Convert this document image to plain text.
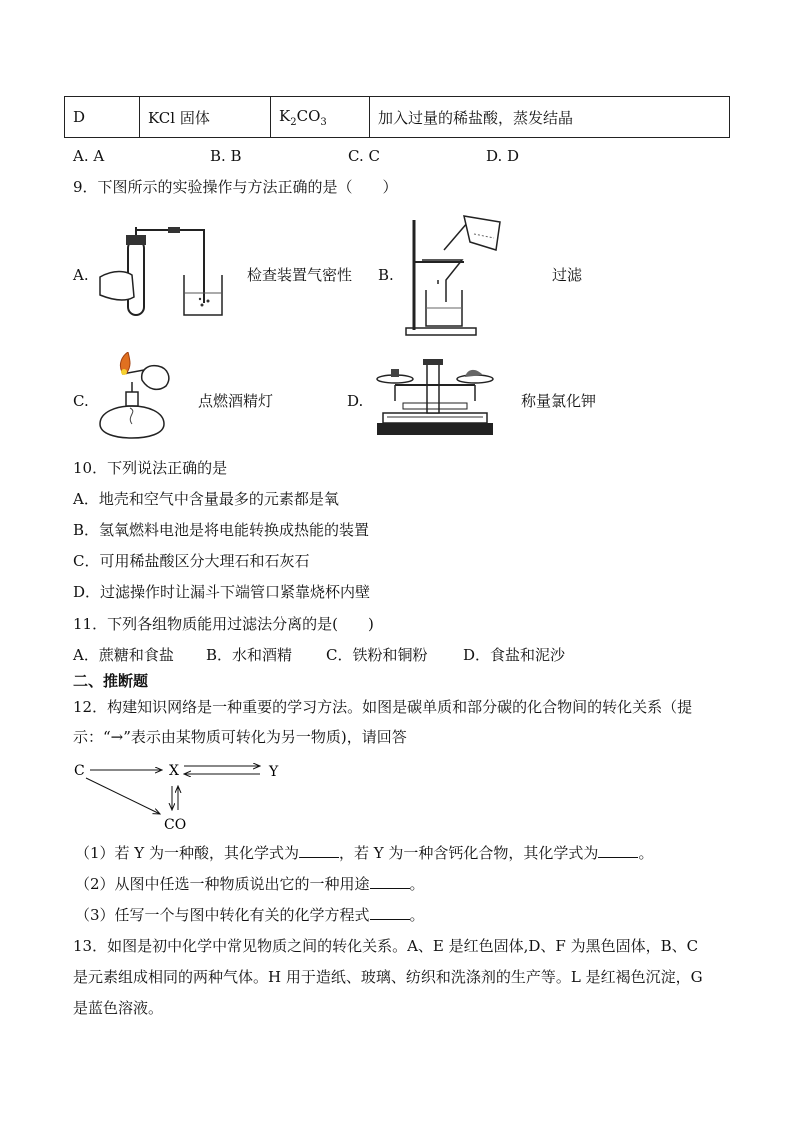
D	KCl 固体	$K_2CO_3$	加入过量的稀盐酸，蒸发结晶
A. A	B. B	C. C	D. D
9．下图所示的实验操作与方法正确的是（　　）
A.	检查装置气密性 B.	过滤
C.	点燃酒精灯	D.	称量氯化钾
10．下列说法正确的是
A．地壳和空气中含量最多的元素都是氧
B．氢氧燃料电池是将电能转换成热能的装置
C．可用稀盐酸区分大理石和石灰石
D．过滤操作时让漏斗下端管口紧靠烧杯内壁
11．下列各组物质能用过滤法分离的是(　　)
A．蔗糖和食盐 B．水和酒精 C．铁粉和铜粉 D．食盐和泥沙
二、推断题
12．构建知识网络是一种重要的学习方法。如图是碳单质和部分碳的化合物间的转化关系（提
示：“→”表示由某物质可转化为另一物质)，请回答
C	X	Y
CO
（1）若 Y 为一种酸，其化学式为	，若 Y 为一种含钙化合物，其化学式为	。
（2）从图中任选一种物质说出它的一种用途	。
（3）任写一个与图中转化有关的化学方程式	。
13．如图是初中化学中常见物质之间的转化关系。A、E 是红色固体,D、F 为黑色固体，B、C
是元素组成相同的两种气体。H 用于造纸、玻璃、纺织和洗涤剂的生产等。L 是红褐色沉淀，G
是蓝色溶液。
